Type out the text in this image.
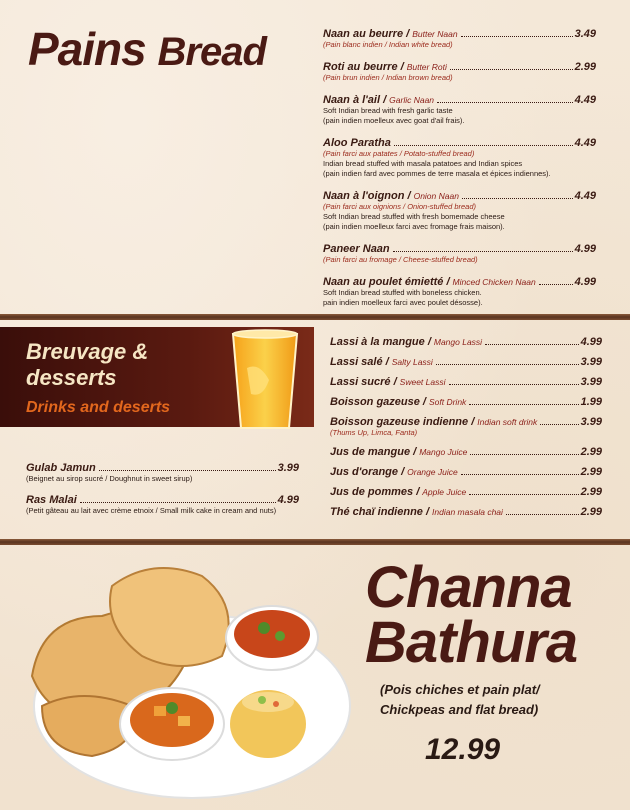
Pains Bread	Naan au beurre / Butter Naan	3.49
(Pain blanc indien / Indian white bread)
Roti au beurre / Butter Roti	2.99
(Pain brun indien / Indian brown bread)
Naan à l'ail / Garlic Naan	4.49
Soft Indian bread with fresh garlic taste
(pain indien moelleux avec goat d'ail frais).
Aloo Paratha	4.49
(Pain farci aux patates / Potato-stuffed bread)
Indian bread stuffed with masala patatoes and Indian spices
(pain indien fard avec pommes de terre masala et épices indiennes).
Naan à l'oignon / Onion Naan	4.49
(Pain farci aux oignions / Onion-stuffed bread)
Soft Indian bread stuffed with fresh bomemade cheese
(pain indien moelleux farci avec fromage frais maison).
Paneer Naan	4.99
(Pain farci au fromage / Cheese-stuffed bread)
Naan au poulet émietté / Minced Chicken Naan	4.99
Soft Indian bread stuffed with boneless chicken.
pain indien moelleux farci avec poulet désosse).
Breuvage &
desserts
Drinks and deserts
Lassi à la mangue / Mango Lassi	4.99
Lassi salé / Salty Lassi	3.99
Lassi sucré / Sweet Lassi	3.99
Boisson gazeuse / Soft Drink	1.99
Boisson gazeuse indienne / Indian soft drink	3.99
(Thums Up, Limca, Fanta)
Jus de mangue / Mango Juice	2.99
Jus d'orange / Orange Juice	2.99
Jus de pommes / Apple Juice	2.99
Thé chaï indienne / Indian masala chai	2.99
Gulab Jamun	3.99
(Beignet au sirop sucré / Doughnut in sweet sirup)
Ras Malai	4.99
(Petit gâteau au lait avec crème etnoix / Small milk cake in cream and nuts)
Channa
Bathura
(Pois chiches et pain plat/
Chickpeas and flat bread)
12.99
